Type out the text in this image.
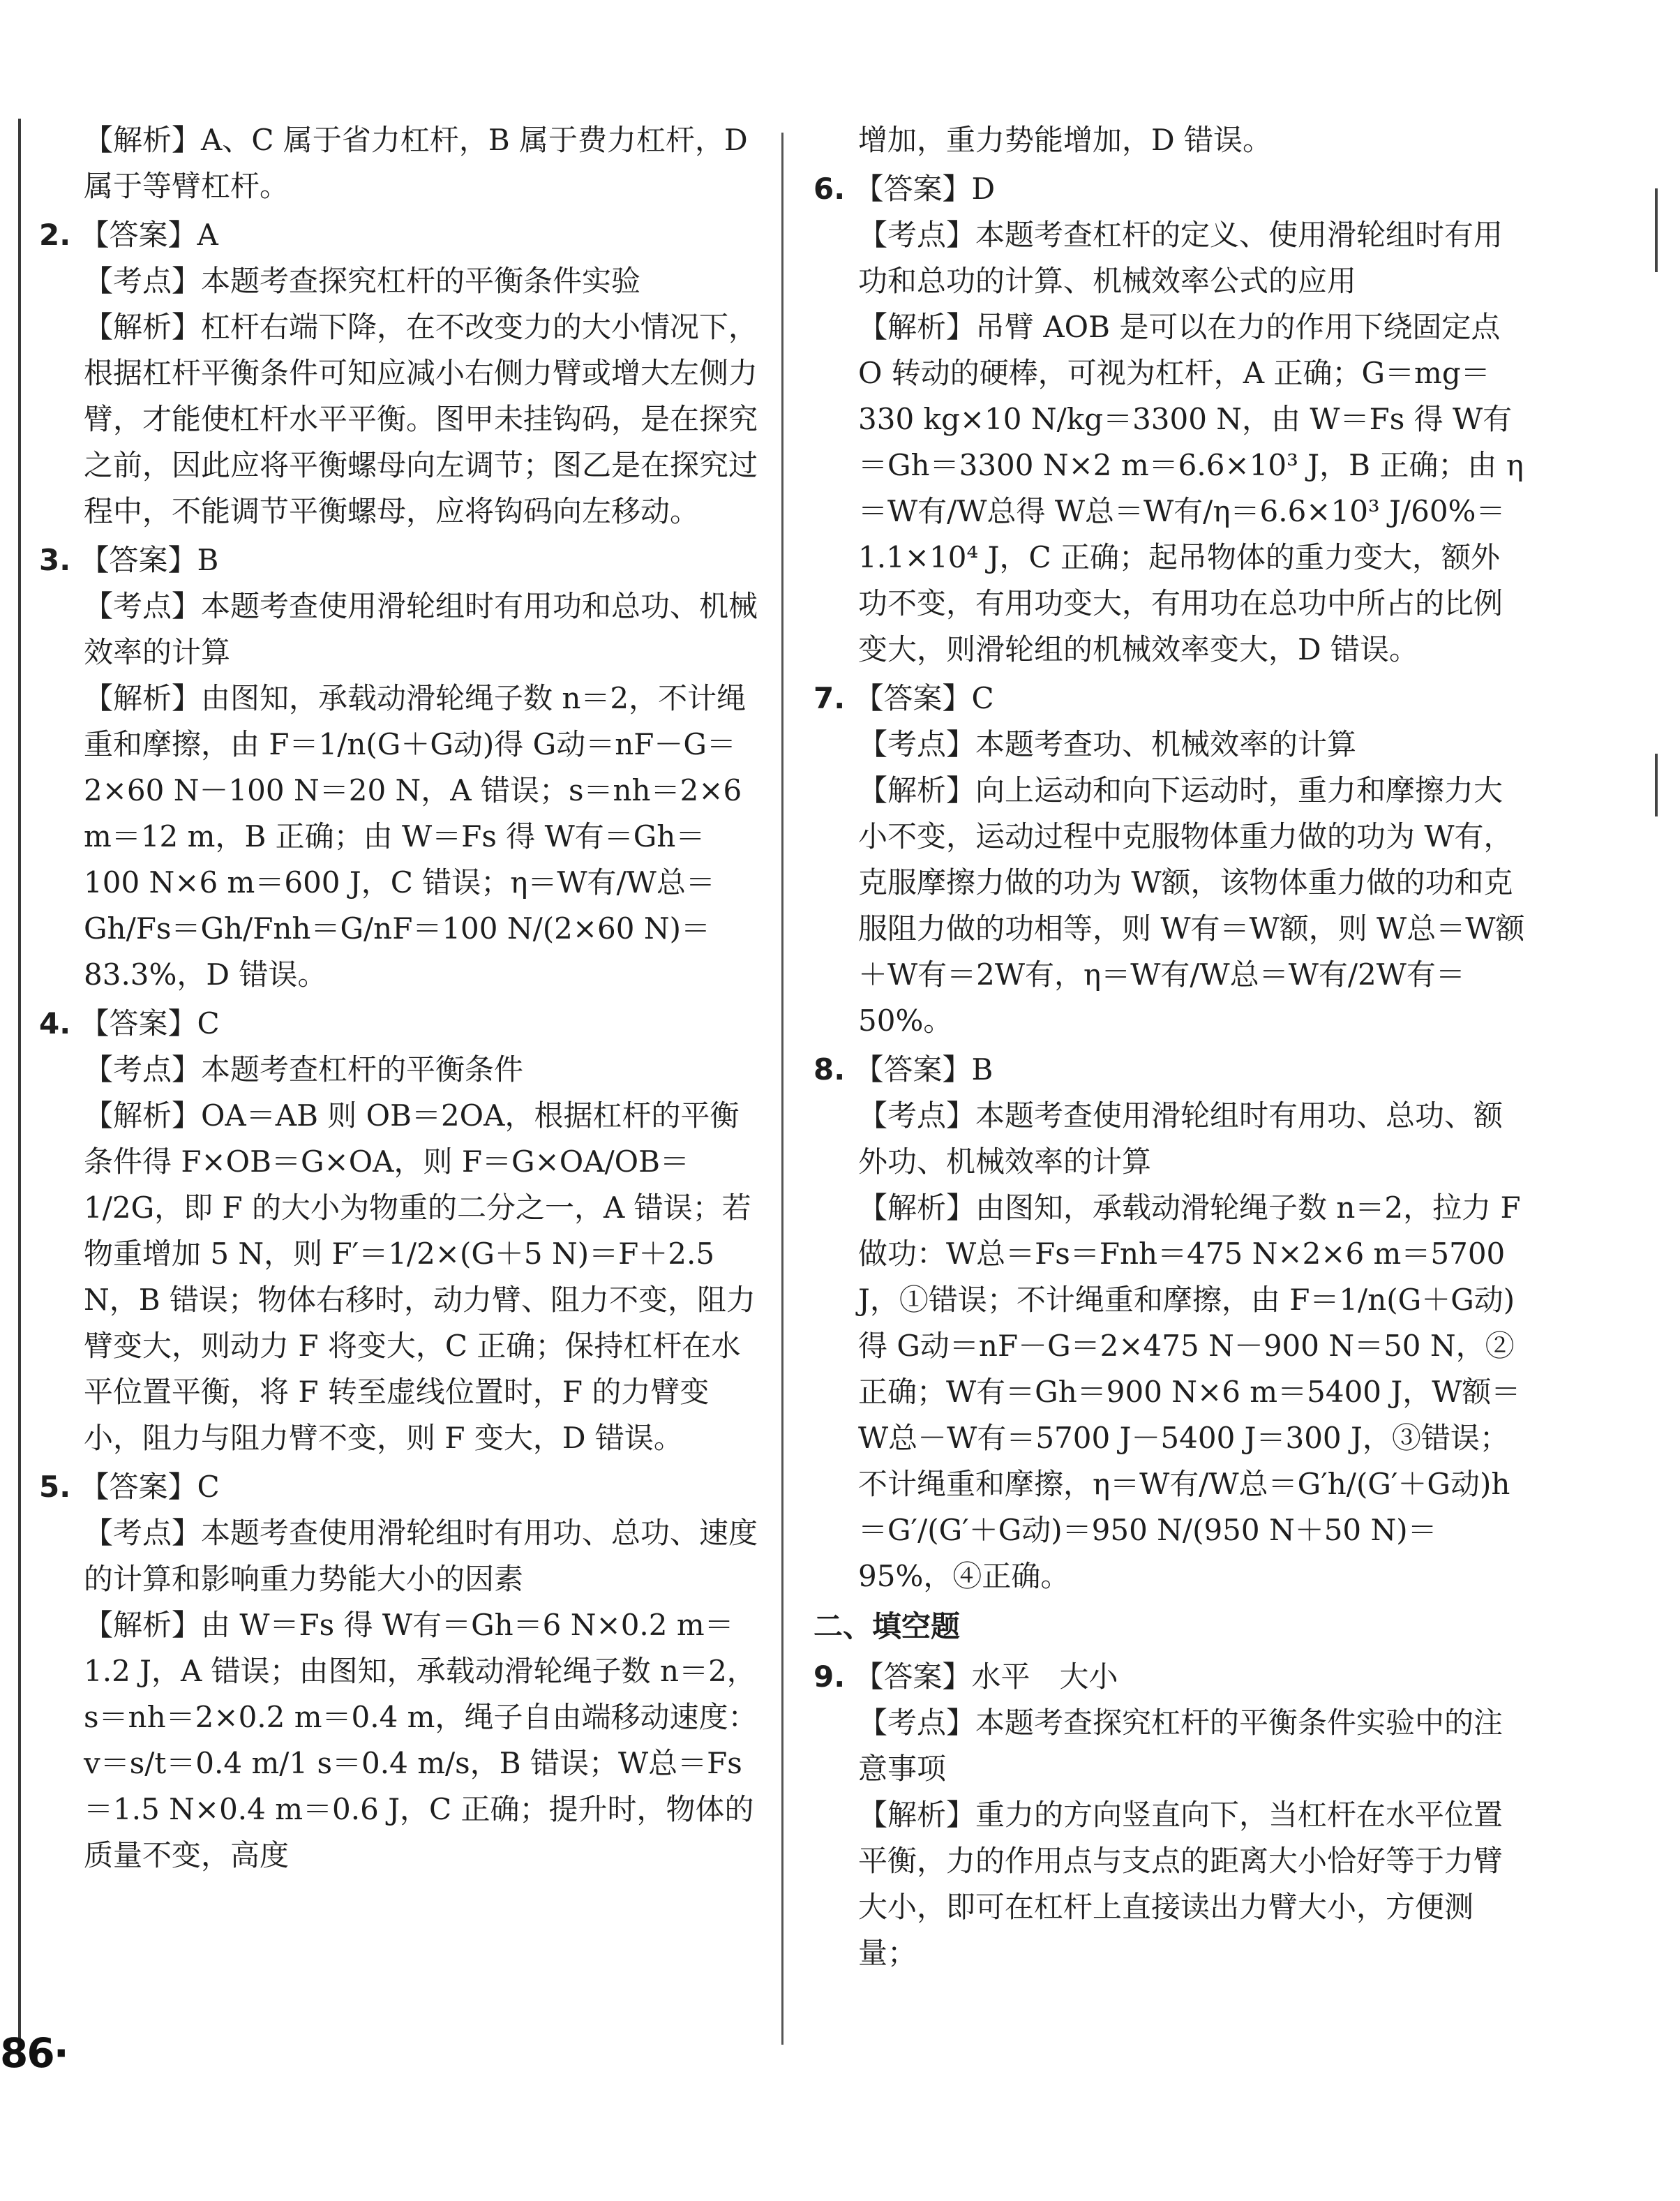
【解析】A、C 属于省力杠杆，B 属于费力杠杆，D 属于等臂杠杆。
2. 【答案】A
【考点】本题考查探究杠杆的平衡条件实验
【解析】杠杆右端下降，在不改变力的大小情况下，根据杠杆平衡条件可知应减小右侧力臂或增大左侧力臂，才能使杠杆水平平衡。图甲未挂钩码，是在探究之前，因此应将平衡螺母向左调节；图乙是在探究过程中，不能调节平衡螺母，应将钩码向左移动。
3. 【答案】B
【考点】本题考查使用滑轮组时有用功和总功、机械效率的计算
【解析】由图知，承载动滑轮绳子数 n＝2，不计绳重和摩擦，由 F＝1/n(G＋G动)得 G动＝nF－G＝2×60 N－100 N＝20 N，A 错误；s＝nh＝2×6 m＝12 m，B 正确；由 W＝Fs 得 W有＝Gh＝100 N×6 m＝600 J，C 错误；η＝W有/W总＝Gh/Fs＝Gh/Fnh＝G/nF＝100 N/(2×60 N)＝83.3%，D 错误。
4. 【答案】C
【考点】本题考查杠杆的平衡条件
【解析】OA＝AB 则 OB＝2OA，根据杠杆的平衡条件得 F×OB＝G×OA，则 F＝G×OA/OB＝1/2G，即 F 的大小为物重的二分之一，A 错误；若物重增加 5 N，则 F′＝1/2×(G＋5 N)＝F＋2.5 N，B 错误；物体右移时，动力臂、阻力不变，阻力臂变大，则动力 F 将变大，C 正确；保持杠杆在水平位置平衡，将 F 转至虚线位置时，F 的力臂变小，阻力与阻力臂不变，则 F 变大，D 错误。
5. 【答案】C
【考点】本题考查使用滑轮组时有用功、总功、速度的计算和影响重力势能大小的因素
【解析】由 W＝Fs 得 W有＝Gh＝6 N×0.2 m＝1.2 J，A 错误；由图知，承载动滑轮绳子数 n＝2，s＝nh＝2×0.2 m＝0.4 m，绳子自由端移动速度：v＝s/t＝0.4 m/1 s＝0.4 m/s，B 错误；W总＝Fs＝1.5 N×0.4 m＝0.6 J，C 正确；提升时，物体的质量不变，高度
增加，重力势能增加，D 错误。
6. 【答案】D
【考点】本题考查杠杆的定义、使用滑轮组时有用功和总功的计算、机械效率公式的应用
【解析】吊臂 AOB 是可以在力的作用下绕固定点 O 转动的硬棒，可视为杠杆，A 正确；G＝mg＝330 kg×10 N/kg＝3300 N，由 W＝Fs 得 W有＝Gh＝3300 N×2 m＝6.6×10³ J，B 正确；由 η＝W有/W总得 W总＝W有/η＝6.6×10³ J/60%＝1.1×10⁴ J，C 正确；起吊物体的重力变大，额外功不变，有用功变大，有用功在总功中所占的比例变大，则滑轮组的机械效率变大，D 错误。
7. 【答案】C
【考点】本题考查功、机械效率的计算
【解析】向上运动和向下运动时，重力和摩擦力大小不变，运动过程中克服物体重力做的功为 W有，克服摩擦力做的功为 W额，该物体重力做的功和克服阻力做的功相等，则 W有＝W额，则 W总＝W额＋W有＝2W有，η＝W有/W总＝W有/2W有＝50%。
8. 【答案】B
【考点】本题考查使用滑轮组时有用功、总功、额外功、机械效率的计算
【解析】由图知，承载动滑轮绳子数 n＝2，拉力 F 做功：W总＝Fs＝Fnh＝475 N×2×6 m＝5700 J，①错误；不计绳重和摩擦，由 F＝1/n(G＋G动)得 G动＝nF－G＝2×475 N－900 N＝50 N，②正确；W有＝Gh＝900 N×6 m＝5400 J，W额＝W总－W有＝5700 J－5400 J＝300 J，③错误；不计绳重和摩擦，η＝W有/W总＝G′h/(G′＋G动)h＝G′/(G′＋G动)＝950 N/(950 N＋50 N)＝95%，④正确。
二、填空题
9. 【答案】水平　大小
【考点】本题考查探究杠杆的平衡条件实验中的注意事项
【解析】重力的方向竖直向下，当杠杆在水平位置平衡，力的作用点与支点的距离大小恰好等于力臂大小，即可在杠杆上直接读出力臂大小，方便测量；
86·
